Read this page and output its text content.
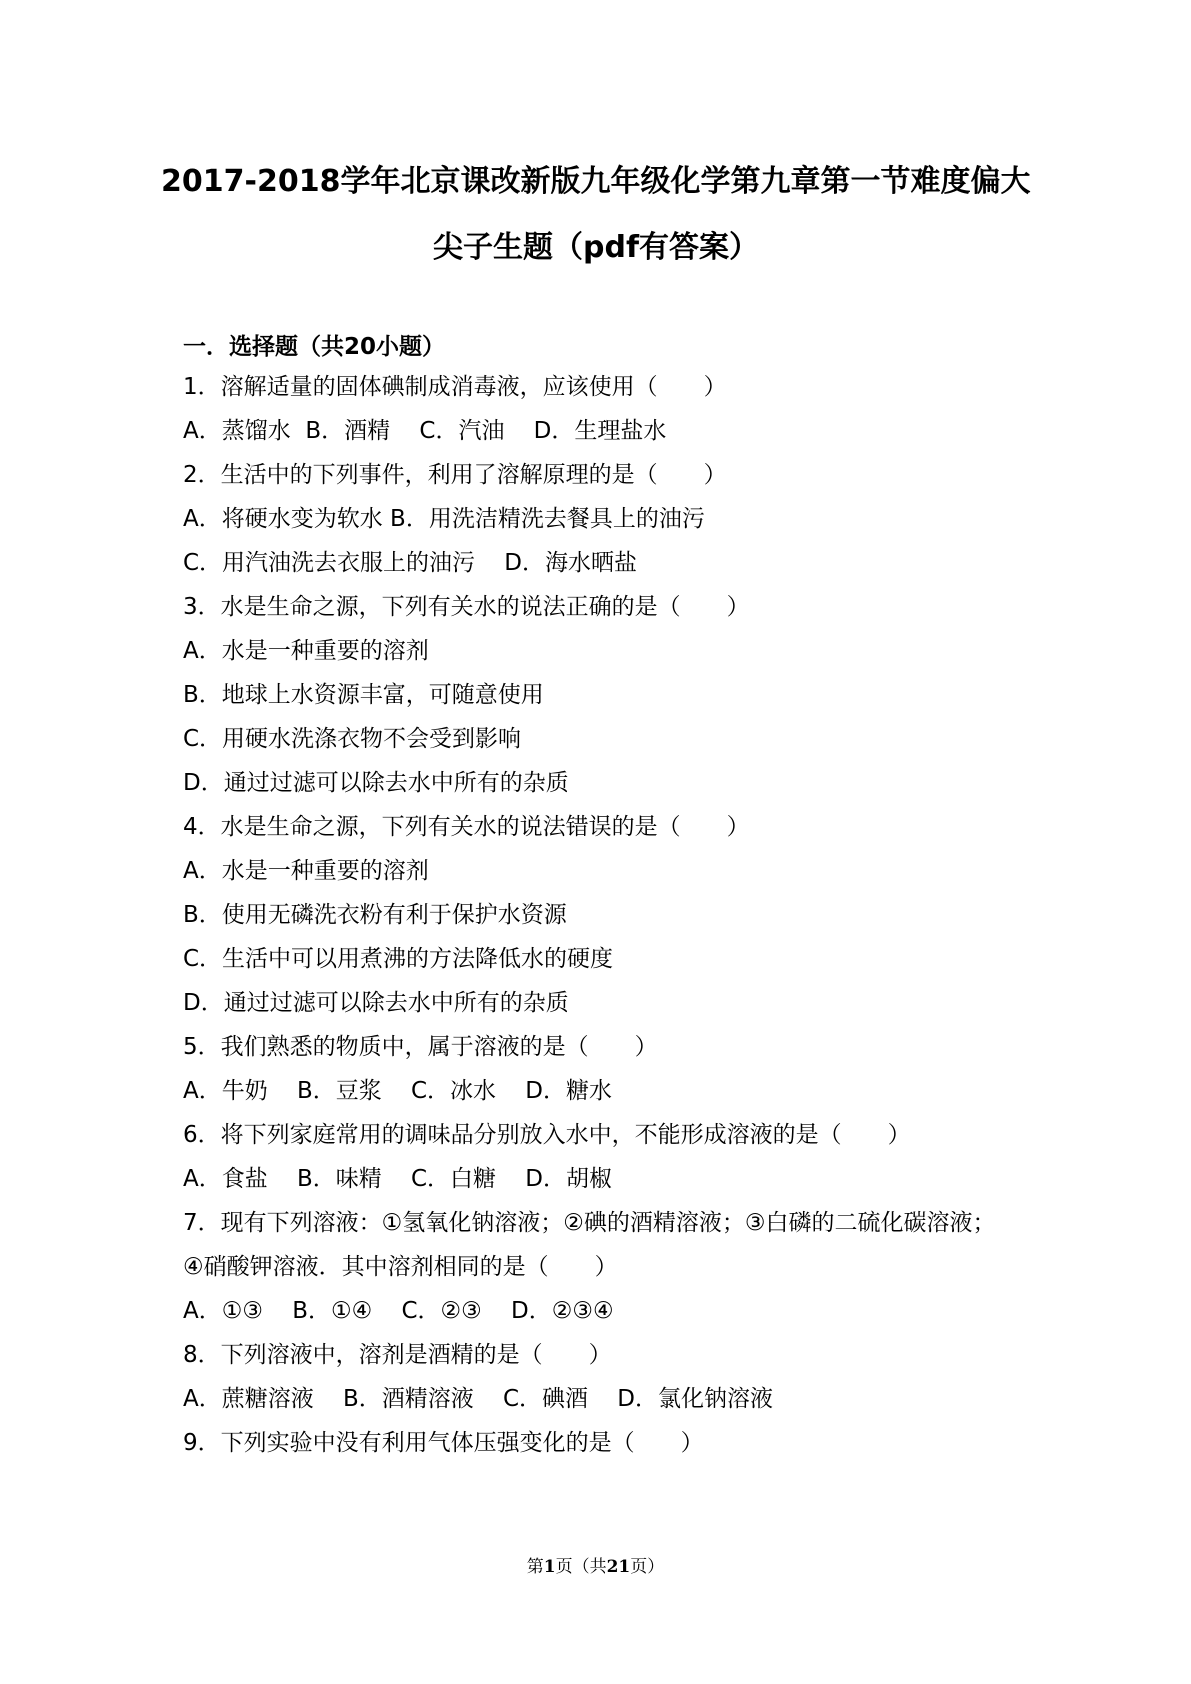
2017-2018学年北京课改新版九年级化学第九章第一节难度偏大
尖子生题（pdf有答案）
一．选择题（共20小题）
1．溶解适量的固体碘制成消毒液，应该使用（　　）
A．蒸馏水  B．酒精    C．汽油    D．生理盐水
2．生活中的下列事件，利用了溶解原理的是（　　）
A．将硬水变为软水 B．用洗洁精洗去餐具上的油污
C．用汽油洗去衣服上的油污    D．海水晒盐
3．水是生命之源，下列有关水的说法正确的是（　　）
A．水是一种重要的溶剂
B．地球上水资源丰富，可随意使用
C．用硬水洗涤衣物不会受到影响
D．通过过滤可以除去水中所有的杂质
4．水是生命之源，下列有关水的说法错误的是（　　）
A．水是一种重要的溶剂
B．使用无磷洗衣粉有利于保护水资源
C．生活中可以用煮沸的方法降低水的硬度
D．通过过滤可以除去水中所有的杂质
5．我们熟悉的物质中，属于溶液的是（　　）
A．牛奶    B．豆浆    C．冰水    D．糖水
6．将下列家庭常用的调味品分别放入水中，不能形成溶液的是（　　）
A．食盐    B．味精    C．白糖    D．胡椒
7．现有下列溶液：①氢氧化钠溶液；②碘的酒精溶液；③白磷的二硫化碳溶液；
④硝酸钾溶液．其中溶剂相同的是（　　）
A．①③    B．①④    C．②③    D．②③④
8．下列溶液中，溶剂是酒精的是（　　）
A．蔗糖溶液    B．酒精溶液    C．碘酒    D．氯化钠溶液
9．下列实验中没有利用气体压强变化的是（　　）
第1页（共21页）
